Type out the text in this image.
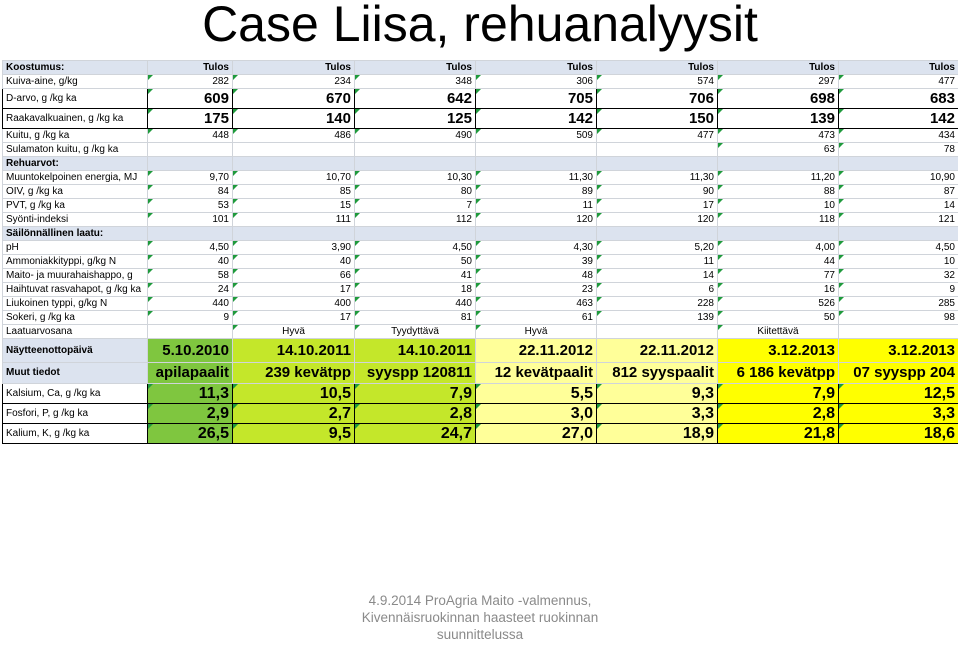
Case Liisa, rehuanalyysit
Koostumus:	Tulos	Tulos	Tulos	Tulos	Tulos	Tulos	Tulos
Kuiva-aine, g/kg	282	234	348	306	574	297	477
D-arvo, g /kg ka	609	670	642	705	706	698	683
Raakavalkuainen, g /kg ka	175	140	125	142	150	139	142
Kuitu, g /kg ka	448	486	490	509	477	473	434
Sulamaton kuitu, g /kg ka						63	78
Rehuarvot:							
Muuntokelpoinen energia, MJ	9,70	10,70	10,30	11,30	11,30	11,20	10,90
OIV, g /kg ka	84	85	80	89	90	88	87
PVT, g /kg ka	53	15	7	11	17	10	14
Syönti-indeksi	101	111	112	120	120	118	121
Säilönnällinen laatu:							
pH	4,50	3,90	4,50	4,30	5,20	4,00	4,50
Ammoniakkityppi, g/kg N	40	40	50	39	11	44	10
Maito- ja muurahaishappo, g	58	66	41	48	14	77	32
Haihtuvat rasvahapot, g /kg ka	24	17	18	23	6	16	9
Liukoinen typpi, g/kg N	440	400	440	463	228	526	285
Sokeri, g /kg ka	9	17	81	61	139	50	98
Laatuarvosana		Hyvä	Tyydyttävä	Hyvä		Kiitettävä	
Näytteenottopäivä	5.10.2010	14.10.2011	14.10.2011	22.11.2012	22.11.2012	3.12.2013	3.12.2013
Muut tiedot	apilapaalit	239 kevätpp	syyspp 120811	12 kevätpaalit	812 syyspaalit	6 186 kevätpp	07 syyspp 204
Kalsium, Ca, g /kg ka	11,3	10,5	7,9	5,5	9,3	7,9	12,5
Fosfori, P, g /kg ka	2,9	2,7	2,8	3,0	3,3	2,8	3,3
Kalium, K, g /kg ka	26,5	9,5	24,7	27,0	18,9	21,8	18,6
4.9.2014 ProAgria Maito -valmennus,
Kivennäisruokinnan haasteet ruokinnan
suunnittelussa
